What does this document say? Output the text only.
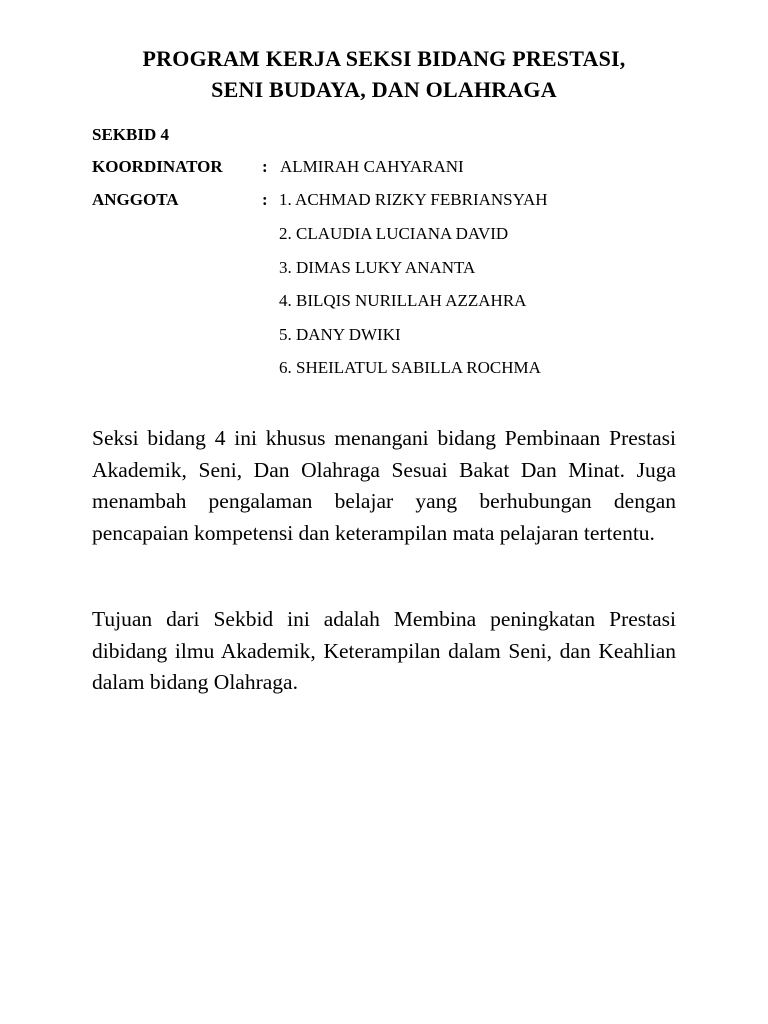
PROGRAM KERJA SEKSI BIDANG PRESTASI,
SENI BUDAYA, DAN OLAHRAGA
SEKBID 4
KOORDINATOR : ALMIRAH CAHYARANI
ANGGOTA	: 1. ACHMAD RIZKY FEBRIANSYAH
2. CLAUDIA LUCIANA DAVID
3. DIMAS LUKY ANANTA
4. BILQIS NURILLAH AZZAHRA
5. DANY DWIKI
6. SHEILATUL SABILLA ROCHMA

Seksi bidang 4 ini khusus menangani bidang Pembinaan Prestasi Akademik, Seni, Dan Olahraga Sesuai Bakat Dan Minat. Juga menambah pengalaman belajar yang berhubungan dengan pencapaian kompetensi dan keterampilan mata pelajaran tertentu.

Tujuan dari Sekbid ini adalah Membina peningkatan Prestasi dibidang ilmu Akademik, Keterampilan dalam Seni, dan Keahlian dalam bidang Olahraga.
